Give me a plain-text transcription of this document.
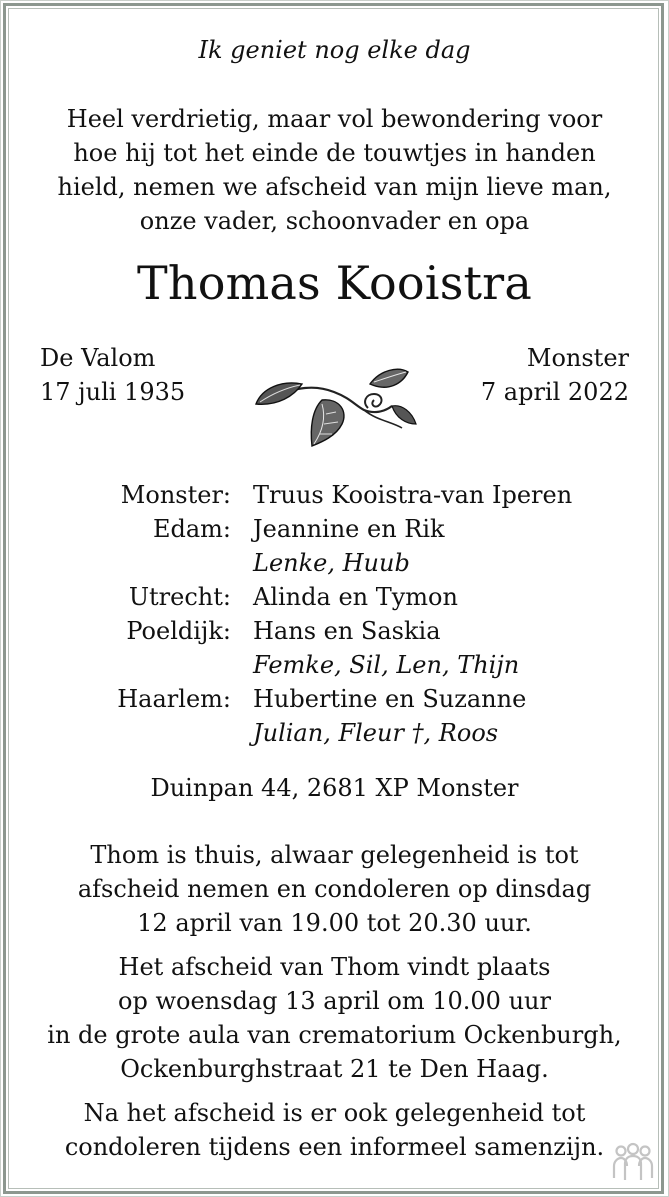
Ik geniet nog elke dag
Heel verdrietig, maar vol bewondering voor
hoe hij tot het einde de touwtjes in handen
hield, nemen we afscheid van mijn lieve man,
onze vader, schoonvader en opa
Thomas Kooistra
De Valom
17 juli 1935
Monster
7 april 2022
Monster: Truus Kooistra-van Iperen
Edam: Jeannine en Rik
Lenke, Huub
Utrecht: Alinda en Tymon
Poeldijk: Hans en Saskia
Femke, Sil, Len, Thijn
Haarlem: Hubertine en Suzanne
Julian, Fleur †, Roos
Duinpan 44, 2681 XP Monster
Thom is thuis, alwaar gelegenheid is tot
afscheid nemen en condoleren op dinsdag
12 april van 19.00 tot 20.30 uur.
Het afscheid van Thom vindt plaats
op woensdag 13 april om 10.00 uur
in de grote aula van crematorium Ockenburgh,
Ockenburghstraat 21 te Den Haag.
Na het afscheid is er ook gelegenheid tot
condoleren tijdens een informeel samenzijn.
